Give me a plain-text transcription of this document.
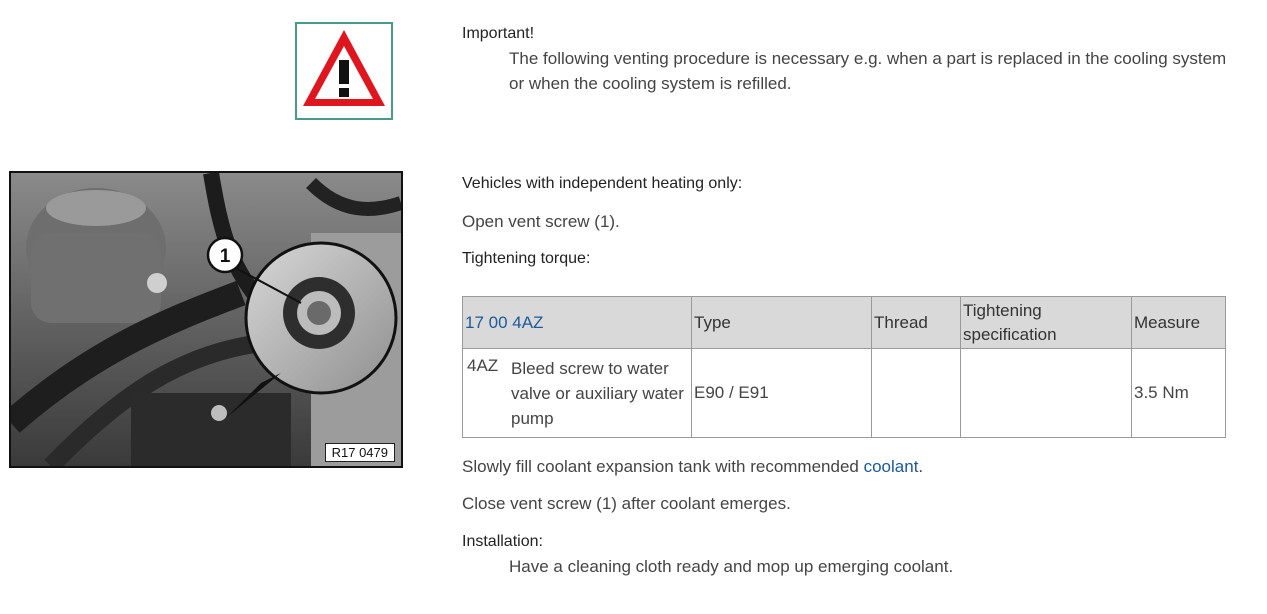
Important!
The following venting procedure is necessary e.g. when a part is replaced in the cooling system or when the cooling system is refilled.
1
R17 0479
Vehicles with independent heating only:
Open vent screw (1).
Tightening torque:
17 00 4AZ	Type	Thread	Tightening specification	Measure

4AZ Bleed screw to water valve or auxiliary water pump	E90 / E91			3.5 Nm
Slowly fill coolant expansion tank with recommended coolant.
Close vent screw (1) after coolant emerges.
Installation:
Have a cleaning cloth ready and mop up emerging coolant.
